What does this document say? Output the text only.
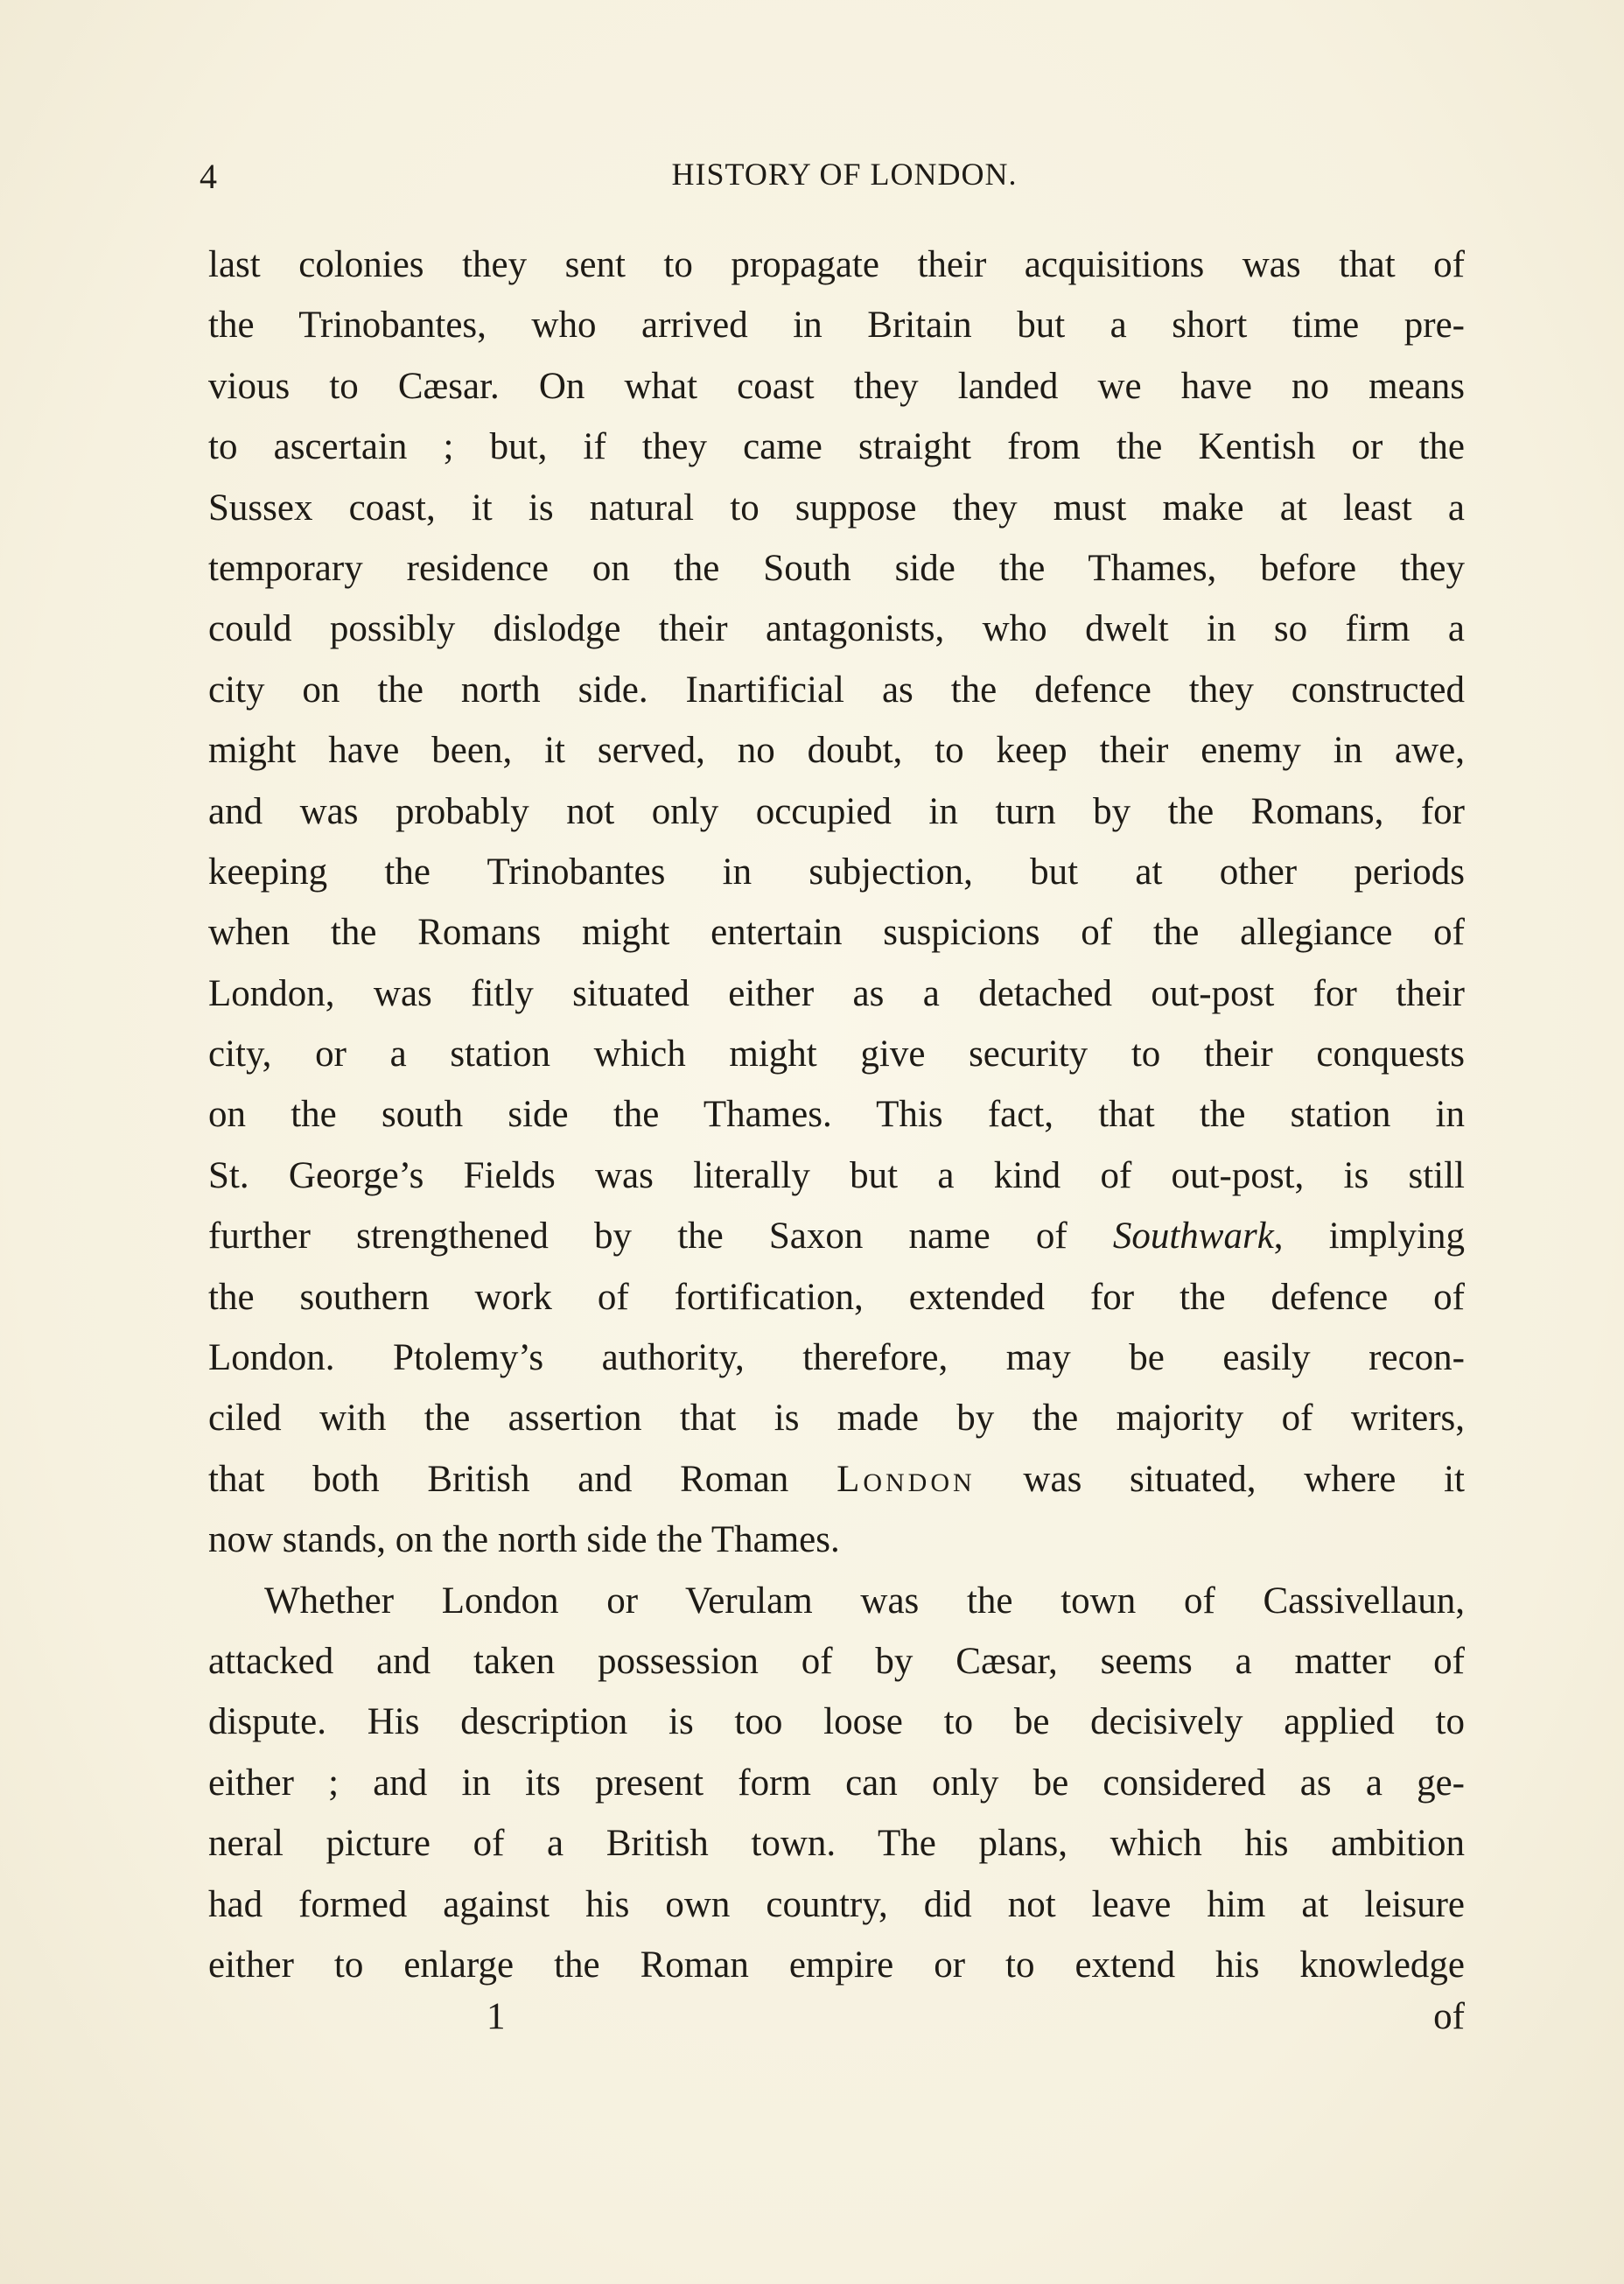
4	HISTORY OF LONDON.
last colonies they sent to propagate their acquisitions was that of
the Trinobantes, who arrived in Britain but a short time pre-
vious to Cæsar. On what coast they landed we have no means
to ascertain ; but, if they came straight from the Kentish or the
Sussex coast, it is natural to suppose they must make at least a
temporary residence on the South side the Thames, before they
could possibly dislodge their antagonists, who dwelt in so firm a
city on the north side. Inartificial as the defence they constructed
might have been, it served, no doubt, to keep their enemy in awe,
and was probably not only occupied in turn by the Romans, for
keeping the Trinobantes in subjection, but at other periods
when the Romans might entertain suspicions of the allegiance of
London, was fitly situated either as a detached out-post for their
city, or a station which might give security to their conquests
on the south side the Thames. This fact, that the station in
St. George’s Fields was literally but a kind of out-post, is still
further strengthened by the Saxon name of Southwark, implying
the southern work of fortification, extended for the defence of
London. Ptolemy’s authority, therefore, may be easily recon-
ciled with the assertion that is made by the majority of writers,
that both British and Roman London was situated, where it
now stands, on the north side the Thames.
Whether London or Verulam was the town of Cassivellaun,
attacked and taken possession of by Cæsar, seems a matter of
dispute. His description is too loose to be decisively applied to
either ; and in its present form can only be considered as a ge-
neral picture of a British town. The plans, which his ambition
had formed against his own country, did not leave him at leisure
either to enlarge the Roman empire or to extend his knowledge
1	of
